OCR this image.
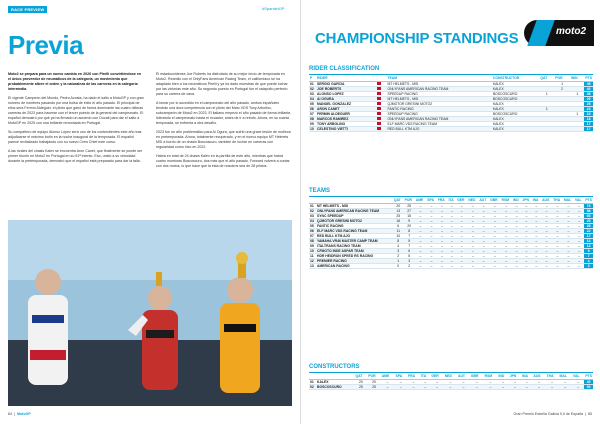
RACE PREVIEW	#SpanishGP
Previa

Moto2 se prepara para un nuevo cambio en 2026 con Pirelli convirtiéndose en el único proveedor de neumáticos de la categoría, un movimiento que probablemente altere el orden y la naturaleza de las carreras en la categoría intermedia.

El vigente Campeón del Mundo, Pedro Acosta, ha dado el salto a MotoGP y con gran número de nombres pasando por una bolsa de éxito el año pasado. El principal de ellos será Fermín Aldeguer, el piloto que ganó de forma dominante las cuatro últimas carreras de 2023 para hacerse con el tercer puesto de la general del campeonato. El español demostró por qué ya ha firmado un acuerdo con Ducati para dar el salto a MotoGP en 2025 con una brillante remontada en Portugal.

Su compañero de equipo Alonso López será uno de los contendientes este año tras adjudicarse el máximo botín en la noche inaugural de la temporada. El español parece revitalizado trabajando con su nuevo Crew Chief este curso.

A las rivales del chasis Kalex se encuentra Aron Canet, que finalmente se puede ser primer triunfo en Moto2 en Portugal en su 61ª intento. Eso, unido a su velocidad durante la pretemporada, demostró que el español está preparado para dar la talla.

El estadounidense Joe Roberts ha disfrutado de su mejor inicio de temporada en Moto2. Reamilo con el OnlyFans American Racing Team, el californiano se ha adaptado bien a los neumáticos Pirelli y ya ha dado muestras de que puede luchar por las victorias este año. Su segundo puesto en Portugal fue el catapulto perfecto para su carrera de casa.

A tomar por lo sucedido en el campeonato del año pasado, ambos españoles tendrán una dura competencia con el piloto del Marc VDS Tony Arbolino, subcampeón de Moto2 en 2023. El italiano empezó el año pasado de forma brillante, liderando el campeonato hasta el ecuador, antes de ir a rebufo. Ahora, en su cuarta temporada, se enfrenta a otra desafío.

2023 fue un año problemático para Ai Ogura, que sufrió una grave lesión de muñeca en pretemporada. Ahora, totalmente recuperado, y en el nuevo equipo MT Helmets MSI a bordo de un chasis Boscoscuro, también de luchar en carreras con regularidad como hizo en 2022.

Habrá en total de 24 chasis Kalex en la parrilla de este año, mientras que habrá cuatro monturas Boscoscuro, dos más que el año pasado. Forward volverá a contar con dos motos, lo que hace que la ésta de nosotros sea de 28 pilotos.

84  |  MotoGP
CHAMPIONSHIP STANDINGS	moto2
RIDER CLASSIFICATION
P	RIDER		TEAM	CONSTRUCTOR	QAT	POR	WIN	PTS
01	SERGIO GARCIA		MT HELMETS - MSI	KALEX		1		45
02	JOE ROBERTS		ONLYFANS AMERICAN RACING TEAM	KALEX		2		40
03	ALONSO LOPEZ		SPEEDUP RACING	BOSCOSCURO	1		1	36
04	AI OGURA		MT HELMETS - MSI	BOSCOSCURO				29
05	MANUEL GONZALEZ		QJMOTOR GRESINI MOTO2	KALEX				25
06	ARON CANET		FANTIC RACING	KALEX	1			24
07	FERMIN ALDEGUER		SPEEDUP RACING	BOSCOSCURO			1	24
08	MARCOS RAMIREZ		ONLYFANS AMERICAN RACING TEAM	KALEX				18
09	TONY ARBOLINO		ELF MARC VDS RACING TEAM	KALEX				17
10	CELESTINO VIETTI		RED BULL KTM AJO	KALEX				17
TEAMS
		QAT	POR	AME	SPA	FRA	ITA	GER	NED	AUT	GBR	RSM	IND	JPN	INA	AUS	THA	MAL	VAL	PTS
01	MT HELMETS - MSI	20	25	–	–	–	–	–	–	–	–	–	–	–	–	–	–	–	–	74
02	ONLYFANS AMERICAN RACING TEAM	13	27	–	–	–	–	–	–	–	–	–	–	–	–	–	–	–	–	58
03	SYNC SPEEDUP	25	15	–	–	–	–	–	–	–	–	–	–	–	–	–	–	–	–	60
04	QJMOTOR GRESINI MOTO2	16	9	–	–	–	–	–	–	–	–	–	–	–	–	–	–	–	–	25
05	FANTIC RACING	6	20	–	–	–	–	–	–	–	–	–	–	–	–	–	–	–	–	26
06	ELF MARC VDS RACING TEAM	11	8	–	–	–	–	–	–	–	–	–	–	–	–	–	–	–	–	22
07	RED BULL KTM AJO	10	7	–	–	–	–	–	–	–	–	–	–	–	–	–	–	–	–	17
08	YAMAHA VR46 MASTER CAMP TEAM	8	5	–	–	–	–	–	–	–	–	–	–	–	–	–	–	–	–	13
09	ITALTRANS RACING TEAM	4	7	–	–	–	–	–	–	–	–	–	–	–	–	–	–	–	–	12
10	CFMOTO INDE ASPAR TEAM	3	6	–	–	–	–	–	–	–	–	–	–	–	–	–	–	–	–	9
11	HDR HEIDRUN SPEED RS RACING	2	5	–	–	–	–	–	–	–	–	–	–	–	–	–	–	–	–	7
12	PREMIER RACING	1	3	–	–	–	–	–	–	–	–	–	–	–	–	–	–	–	–	4
13	AMERICAN RACING	0	2	–	–	–	–	–	–	–	–	–	–	–	–	–	–	–	–	2
CONSTRUCTORS
		QAT	POR	AME	SPA	FRA	ITA	GER	NED	AUT	GBR	RSM	IND	JPN	INA	AUS	THA	MAL	VAL	PTS
01	KALEX	20	20	–	–	–	–	–	–	–	–	–	–	–	–	–	–	–	–	40
02	BOSCOSCURO	25	25	–	–	–	–	–	–	–	–	–	–	–	–	–	–	–	–	50
Gran Premio Estrella Galicia 0,0 de España  |  85
